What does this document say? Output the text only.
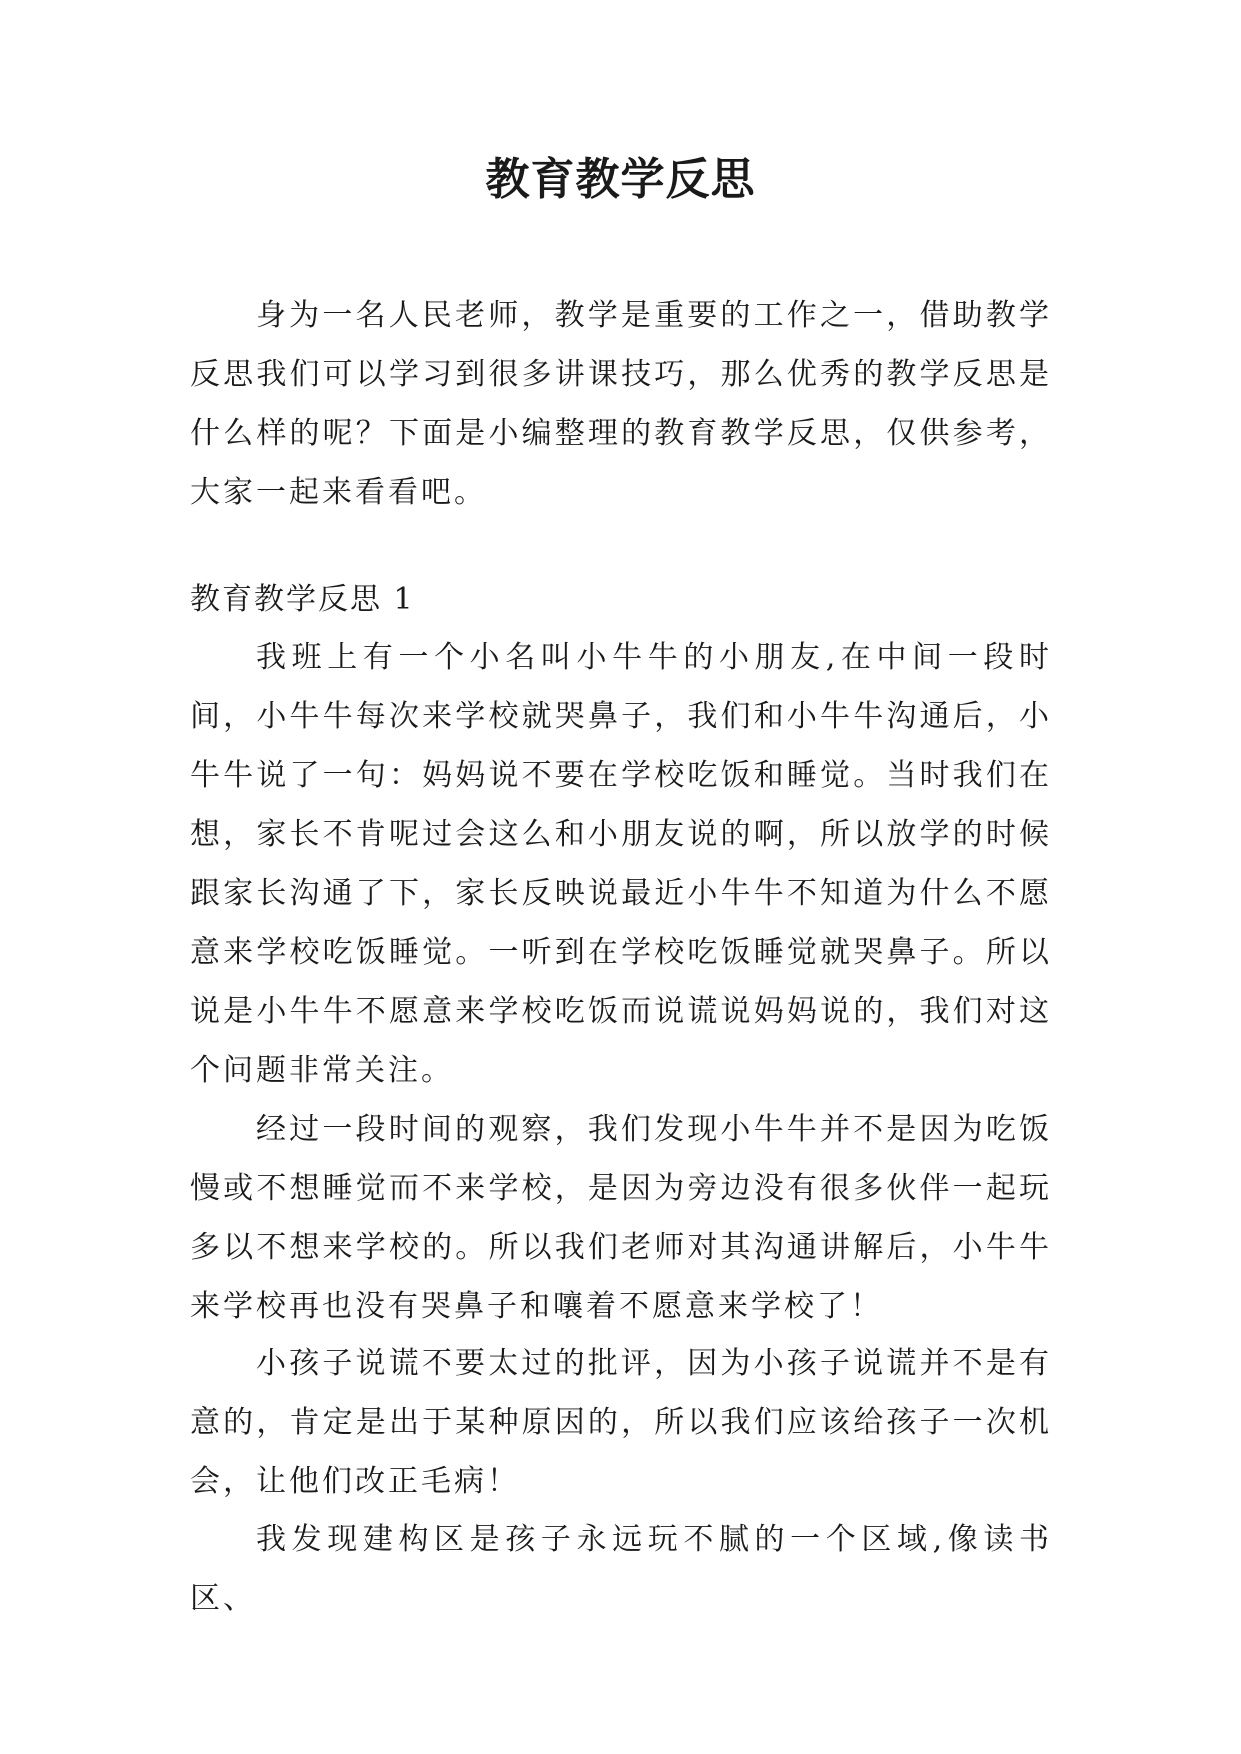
教育教学反思

身为一名人民老师，教学是重要的工作之一，借助教学反思我们可以学习到很多讲课技巧，那么优秀的教学反思是什么样的呢？下面是小编整理的教育教学反思，仅供参考，大家一起来看看吧。

教育教学反思 1

我班上有一个小名叫小牛牛的小朋友,在中间一段时间，小牛牛每次来学校就哭鼻子，我们和小牛牛沟通后，小牛牛说了一句：妈妈说不要在学校吃饭和睡觉。当时我们在想，家长不肯呢过会这么和小朋友说的啊，所以放学的时候跟家长沟通了下，家长反映说最近小牛牛不知道为什么不愿意来学校吃饭睡觉。一听到在学校吃饭睡觉就哭鼻子。所以说是小牛牛不愿意来学校吃饭而说谎说妈妈说的，我们对这个问题非常关注。

经过一段时间的观察，我们发现小牛牛并不是因为吃饭慢或不想睡觉而不来学校，是因为旁边没有很多伙伴一起玩多以不想来学校的。所以我们老师对其沟通讲解后，小牛牛来学校再也没有哭鼻子和嚷着不愿意来学校了！

小孩子说谎不要太过的批评，因为小孩子说谎并不是有意的，肯定是出于某种原因的，所以我们应该给孩子一次机会，让他们改正毛病！

我发现建构区是孩子永远玩不腻的一个区域,像读书区、
